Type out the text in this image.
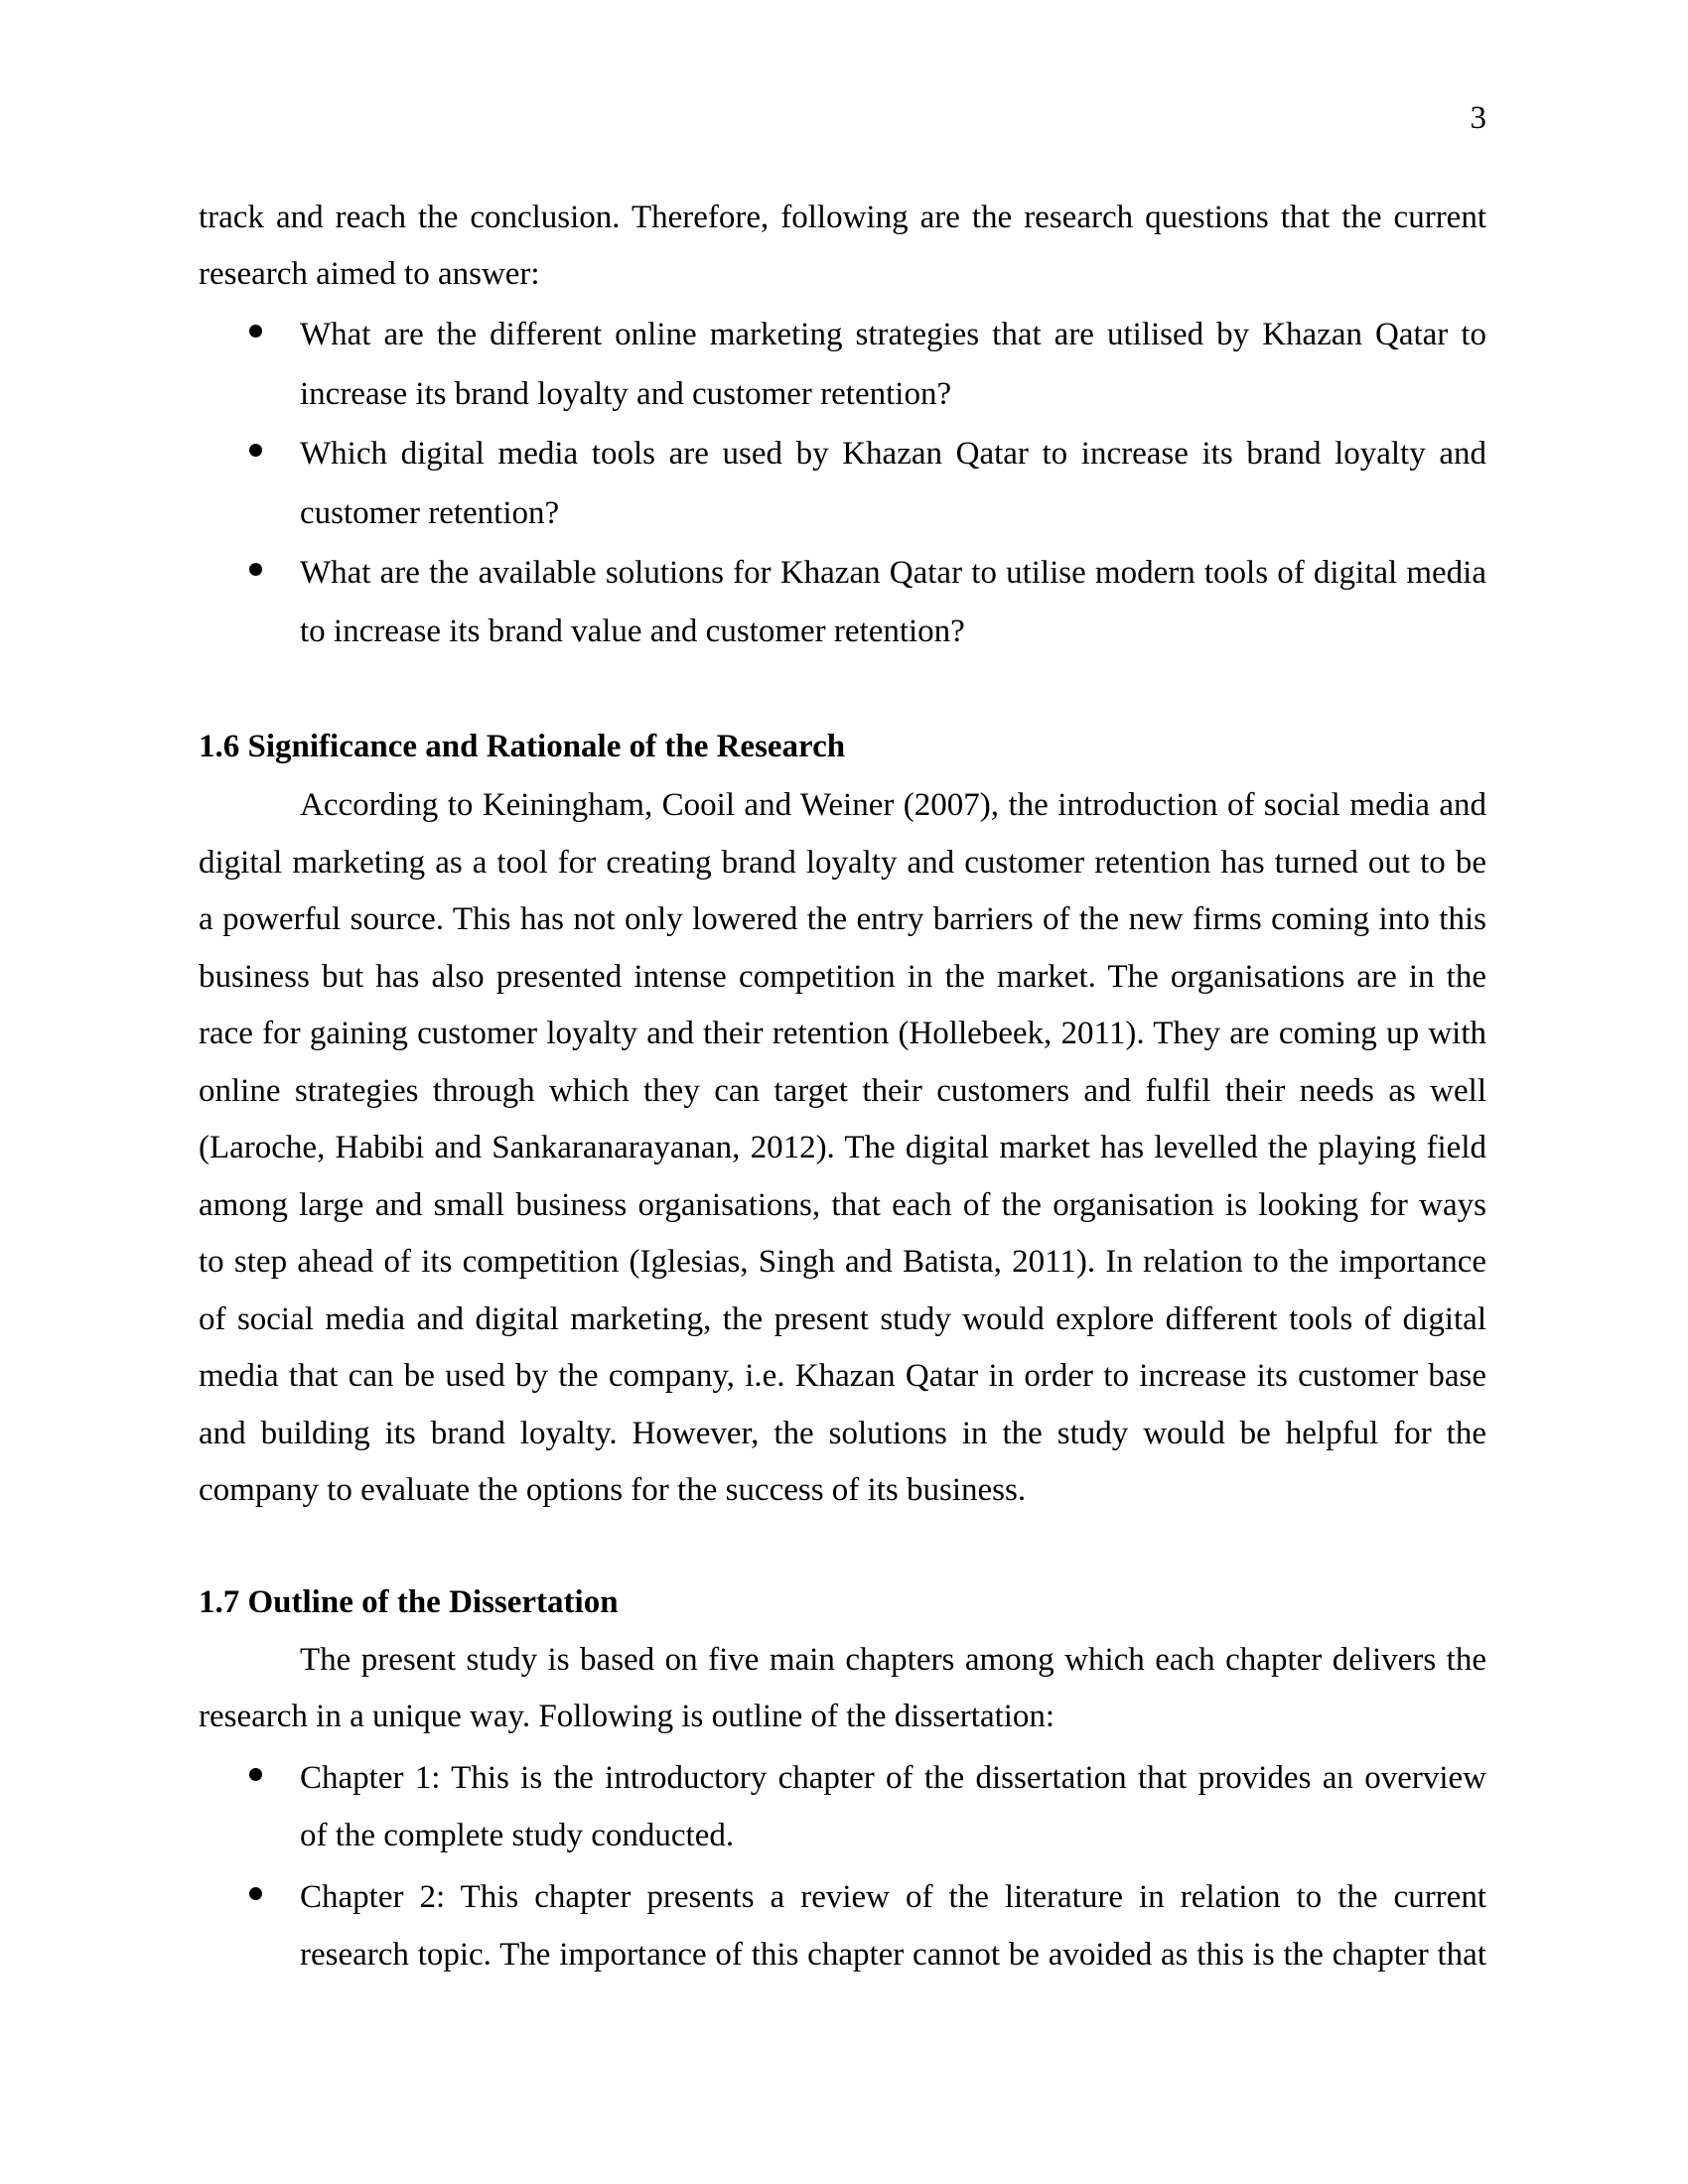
3
track and reach the conclusion. Therefore, following are the research questions that the current
research aimed to answer:
What are the different online marketing strategies that are utilised by Khazan Qatar to
increase its brand loyalty and customer retention?
Which digital media tools are used by Khazan Qatar to increase its brand loyalty and
customer retention?
What are the available solutions for Khazan Qatar to utilise modern tools of digital media
to increase its brand value and customer retention?
1.6 Significance and Rationale of the Research
According to Keiningham, Cooil and Weiner (2007), the introduction of social media and
digital marketing as a tool for creating brand loyalty and customer retention has turned out to be
a powerful source. This has not only lowered the entry barriers of the new firms coming into this
business but has also presented intense competition in the market. The organisations are in the
race for gaining customer loyalty and their retention (Hollebeek, 2011). They are coming up with
online strategies through which they can target their customers and fulfil their needs as well
(Laroche, Habibi and Sankaranarayanan, 2012). The digital market has levelled the playing field
among large and small business organisations, that each of the organisation is looking for ways
to step ahead of its competition (Iglesias, Singh and Batista, 2011). In relation to the importance
of social media and digital marketing, the present study would explore different tools of digital
media that can be used by the company, i.e. Khazan Qatar in order to increase its customer base
and building its brand loyalty. However, the solutions in the study would be helpful for the
company to evaluate the options for the success of its business.
1.7 Outline of the Dissertation
The present study is based on five main chapters among which each chapter delivers the
research in a unique way. Following is outline of the dissertation:
Chapter 1: This is the introductory chapter of the dissertation that provides an overview
of the complete study conducted.
Chapter 2: This chapter presents a review of the literature in relation to the current
research topic. The importance of this chapter cannot be avoided as this is the chapter that
